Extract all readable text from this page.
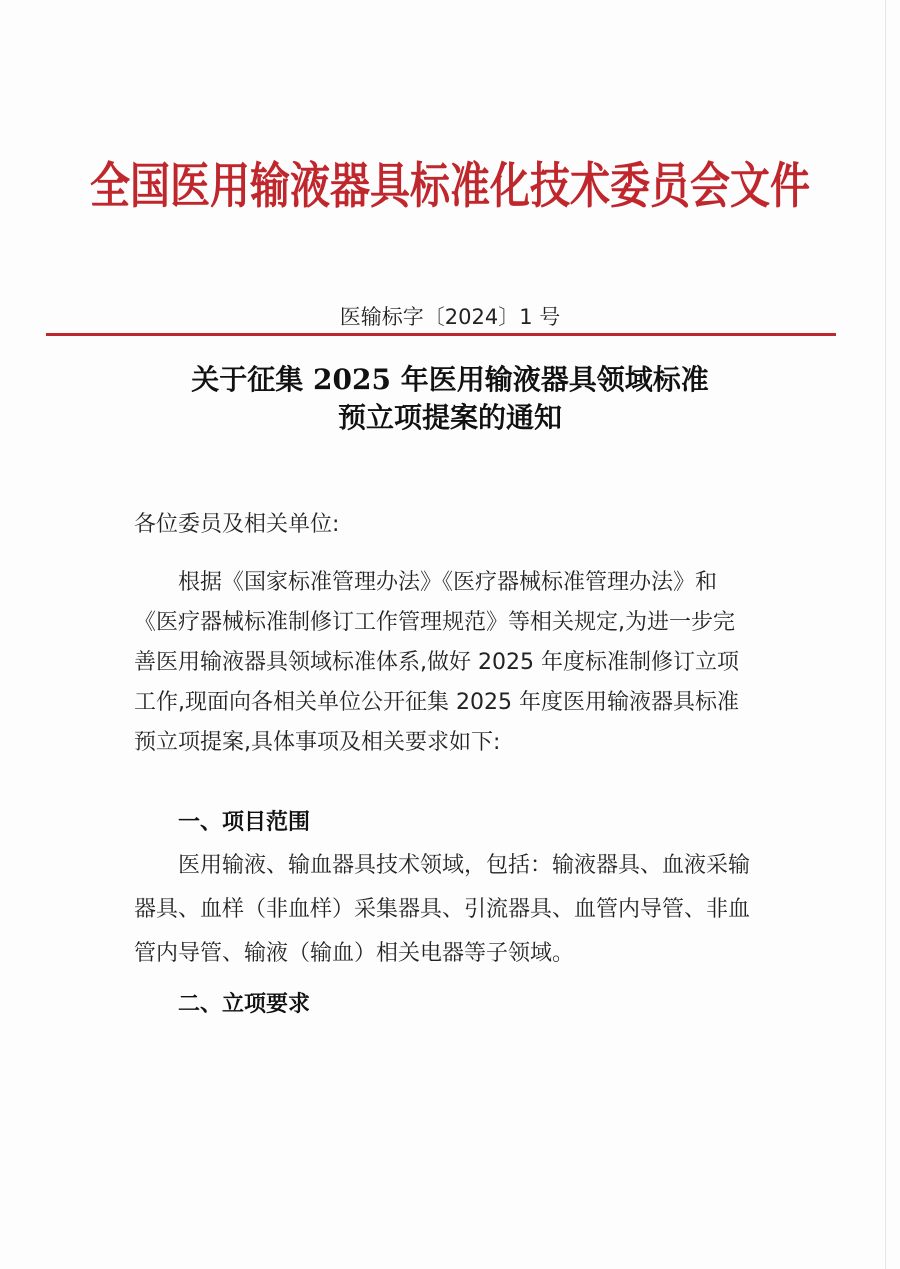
全国医用输液器具标准化技术委员会文件
医输标字〔2024〕1 号
关于征集 2025 年医用输液器具领域标准
预立项提案的通知

各位委员及相关单位:

根据《国家标准管理办法》《医疗器械标准管理办法》和《医疗器械标准制修订工作管理规范》等相关规定,为进一步完善医用输液器具领域标准体系,做好 2025 年度标准制修订立项工作,现面向各相关单位公开征集 2025 年度医用输液器具标准预立项提案,具体事项及相关要求如下:

一、项目范围

医用输液、输血器具技术领域，包括：输液器具、血液采输器具、血样（非血样）采集器具、引流器具、血管内导管、非血管内导管、输液（输血）相关电器等子领域。

二、立项要求
